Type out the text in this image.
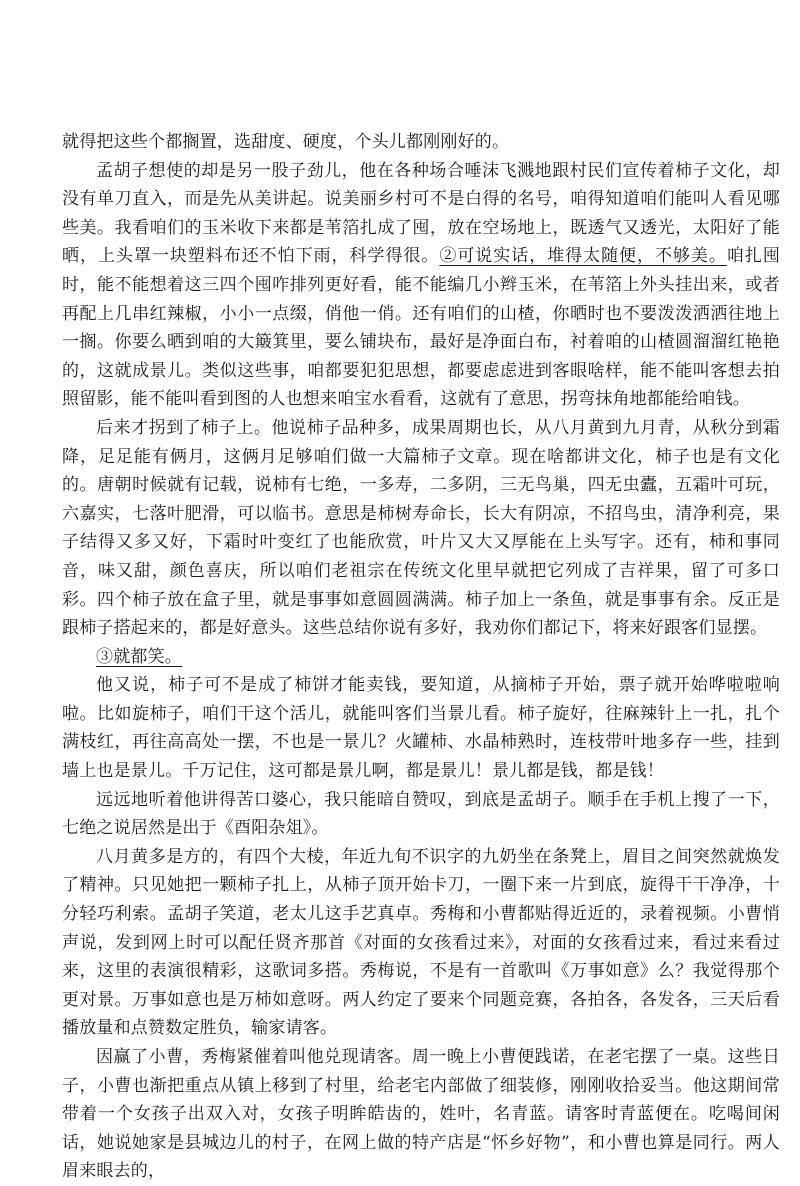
就得把这些个都搁置，选甜度、硬度，个头儿都刚刚好的。

孟胡子想使的却是另一股子劲儿，他在各种场合唾沫飞溅地跟村民们宣传着柿子文化，却没有单刀直入，而是先从美讲起。说美丽乡村可不是白得的名号，咱得知道咱们能叫人看见哪些美。我看咱们的玉米收下来都是苇箔扎成了囤，放在空场地上，既透气又透光，太阳好了能晒，上头罩一块塑料布还不怕下雨，科学得很。②可说实话，堆得太随便，不够美。咱扎囤时，能不能想着这三四个囤咋排列更好看，能不能编几小辫玉米，在苇箔上外头挂出来，或者再配上几串红辣椒，小小一点缀，俏他一俏。还有咱们的山楂，你晒时也不要泼泼洒洒往地上一搁。你要么晒到咱的大簸箕里，要么铺块布，最好是净面白布，衬着咱的山楂圆溜溜红艳艳的，这就成景儿。类似这些事，咱都要犯犯思想，都要虑虑进到客眼啥样，能不能叫客想去拍照留影，能不能叫看到图的人也想来咱宝水看看，这就有了意思，拐弯抹角地都能给咱钱。

后来才拐到了柿子上。他说柿子品种多，成果周期也长，从八月黄到九月青，从秋分到霜降，足足能有俩月，这俩月足够咱们做一大篇柿子文章。现在啥都讲文化，柿子也是有文化的。唐朝时候就有记载，说柿有七绝，一多寿，二多阴，三无鸟巢，四无虫蠹，五霜叶可玩，六嘉实，七落叶肥滑，可以临书。意思是柿树寿命长，长大有阴凉，不招鸟虫，清净利亮，果子结得又多又好，下霜时叶变红了也能欣赏，叶片又大又厚能在上头写字。还有，柿和事同音，味又甜，颜色喜庆，所以咱们老祖宗在传统文化里早就把它列成了吉祥果，留了可多口彩。四个柿子放在盒子里，就是事事如意圆圆满满。柿子加上一条鱼，就是事事有余。反正是跟柿子搭起来的，都是好意头。这些总结你说有多好，我劝你们都记下，将来好跟客们显摆。

③就都笑。

他又说，柿子可不是成了柿饼才能卖钱，要知道，从摘柿子开始，票子就开始哗啦啦响啦。比如旋柿子，咱们干这个活儿，就能叫客们当景儿看。柿子旋好，往麻辣针上一扎，扎个满枝红，再往高高处一摆，不也是一景儿？火罐柿、水晶柿熟时，连枝带叶地多存一些，挂到墙上也是景儿。千万记住，这可都是景儿啊，都是景儿！景儿都是钱，都是钱！

远远地听着他讲得苦口婆心，我只能暗自赞叹，到底是孟胡子。顺手在手机上搜了一下，七绝之说居然是出于《酉阳杂俎》。

八月黄多是方的，有四个大棱，年近九旬不识字的九奶坐在条凳上，眉目之间突然就焕发了精神。只见她把一颗柿子扎上，从柿子顶开始卡刀，一圈下来一片到底，旋得干干净净，十分轻巧利索。孟胡子笑道，老太儿这手艺真卓。秀梅和小曹都贴得近近的，录着视频。小曹悄声说，发到网上时可以配任贤齐那首《对面的女孩看过来》，对面的女孩看过来，看过来看过来，这里的表演很精彩，这歌词多搭。秀梅说，不是有一首歌叫《万事如意》么？我觉得那个更对景。万事如意也是万柿如意呀。两人约定了要来个同题竞赛，各拍各，各发各，三天后看播放量和点赞数定胜负，输家请客。

因赢了小曹，秀梅紧催着叫他兑现请客。周一晚上小曹便践诺，在老宅摆了一桌。这些日子，小曹也渐把重点从镇上移到了村里，给老宅内部做了细装修，刚刚收拾妥当。他这期间常带着一个女孩子出双入对，女孩子明眸皓齿的，姓叶，名青蓝。请客时青蓝便在。吃喝间闲话，她说她家是县城边儿的村子，在网上做的特产店是“怀乡好物”，和小曹也算是同行。两人眉来眼去的，
